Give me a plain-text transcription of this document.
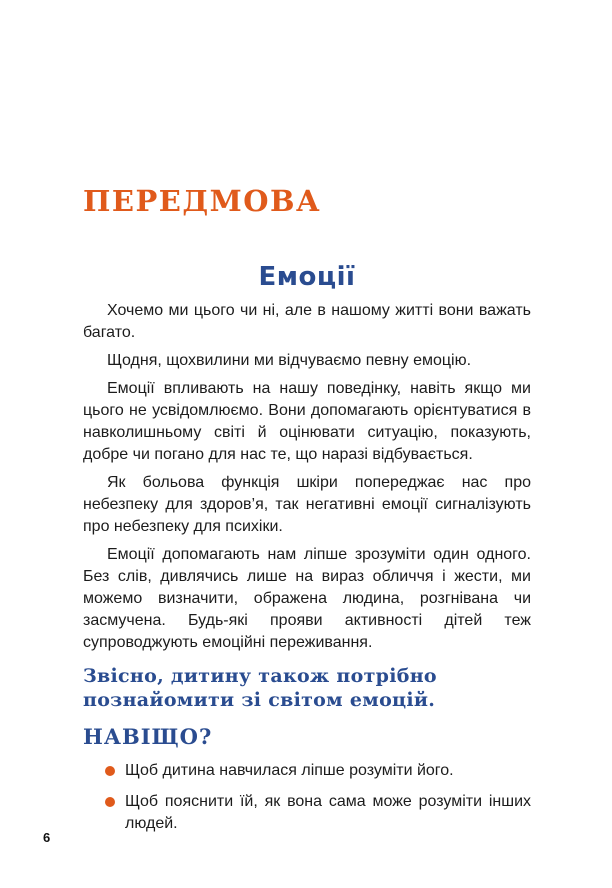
ПЕРЕДМОВА
Емоції

Хочемо ми цього чи ні, але в нашому житті вони важать багато.

Щодня, щохвилини ми відчуваємо певну емоцію.

Емоції впливають на нашу поведінку, навіть якщо ми цього не усвідомлюємо. Вони допомагають орієнтуватися в навколишньому світі й оцінювати ситуацію, показують, добре чи погано для нас те, що наразі відбувається.

Як больова функція шкіри попереджає нас про небезпеку для здоров’я, так негативні емоції сигналізують про небезпеку для психіки.

Емоції допомагають нам ліпше зрозуміти один одного. Без слів, дивлячись лише на вираз обличчя і жести, ми можемо визначити, ображена людина, розгнівана чи засмучена. Будь-які прояви активності дітей теж супроводжують емоційні переживання.

Звісно, дитину також потрібно
познайомити зі світом емоцій.

НАВІЩО?
Щоб дитина навчилася ліпше розуміти його.
Щоб пояснити їй, як вона сама може розуміти інших людей.
6
